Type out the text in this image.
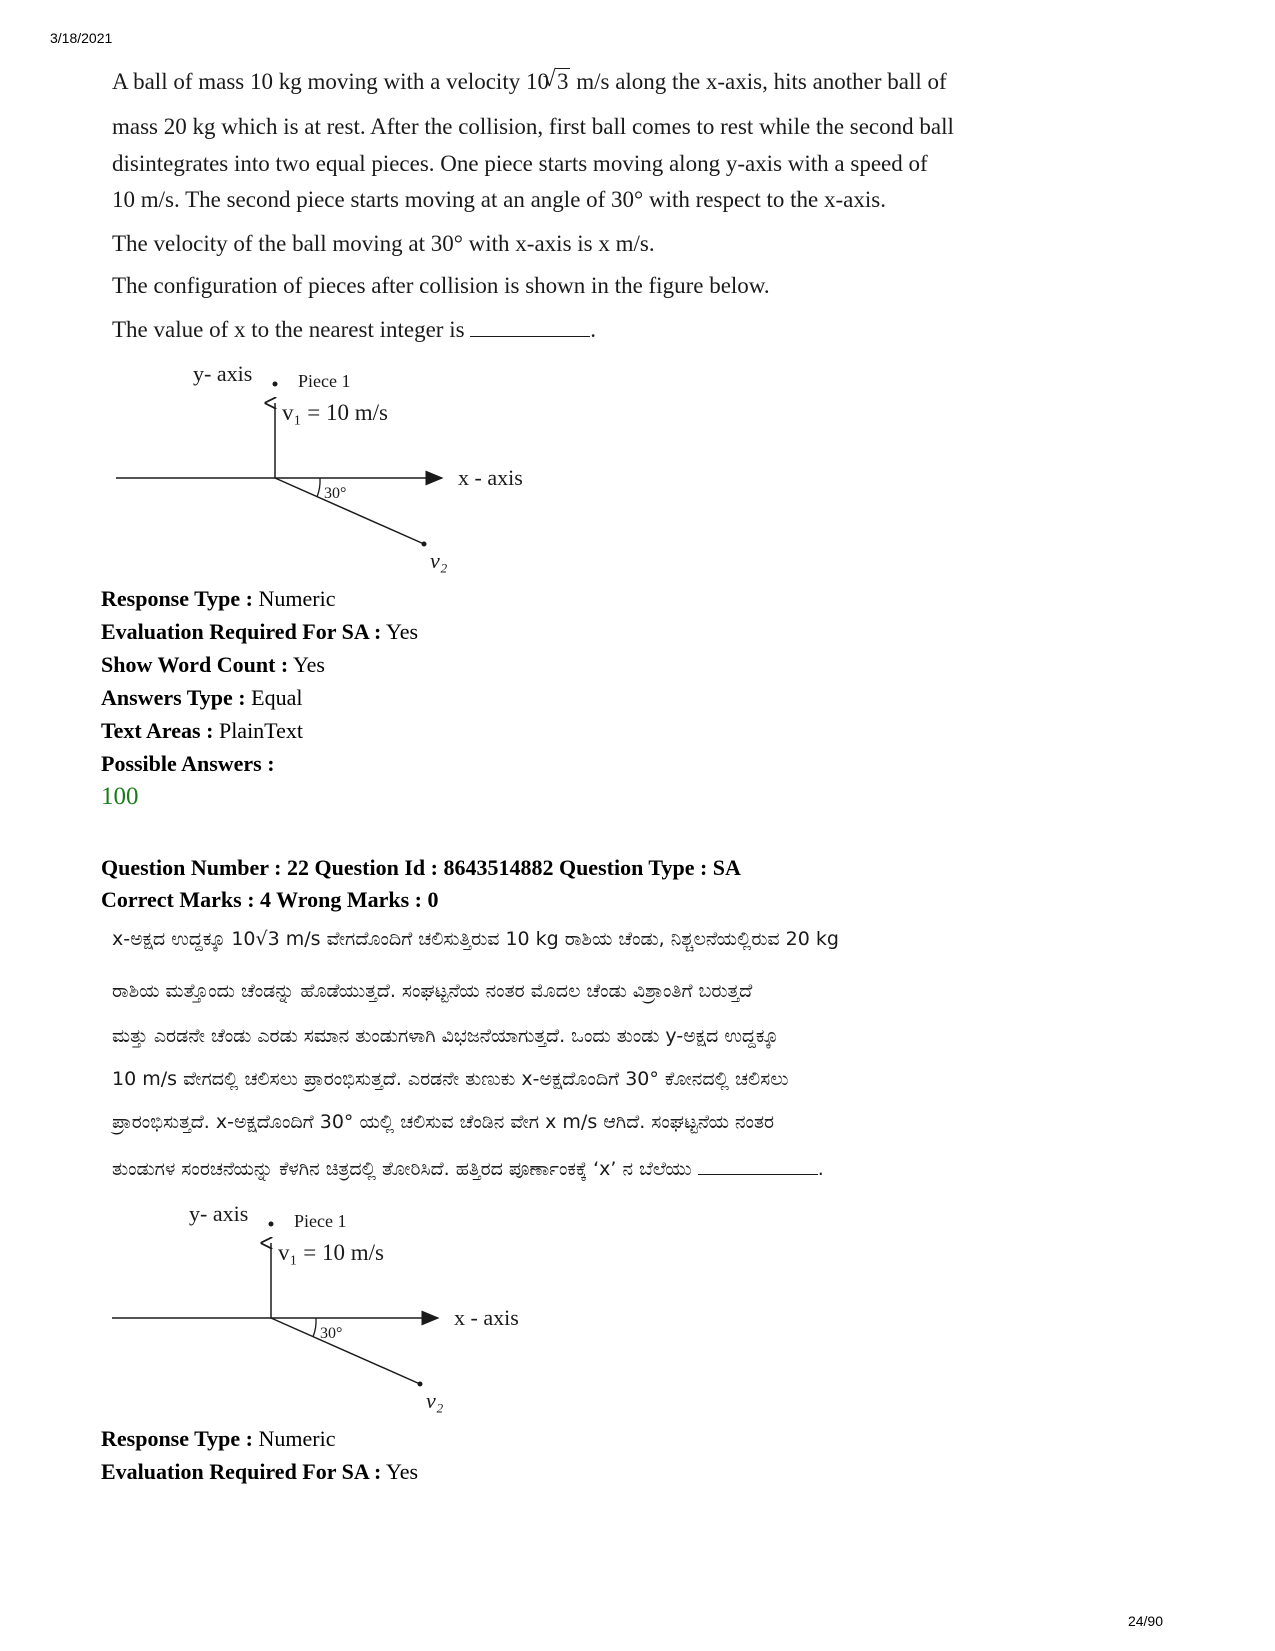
3/18/2021

A ball of mass 10 kg moving with a velocity 10√ 3 m/s along the x-axis, hits another ball of

mass 20 kg which is at rest. After the collision, first ball comes to rest while the second ball

disintegrates into two equal pieces. One piece starts moving along y-axis with a speed of

10 m/s. The second piece starts moving at an angle of 30° with respect to the x-axis.

The velocity of the ball moving at 30° with x-axis is x m/s.

The configuration of pieces after collision is shown in the figure below.

The value of x to the nearest integer is	.

y- axis	Piece 1
v₁ = 10 m/s
x - axis
30°
v₂
Response Type : Numeric
Evaluation Required For SA : Yes
Show Word Count : Yes
Answers Type : Equal
Text Areas : PlainText
Possible Answers :
100
Question Number : 22 Question Id : 8643514882 Question Type : SA
Correct Marks : 4 Wrong Marks : 0

x-ಅಕ್ಷದ ಉದ್ದಕ್ಕೂ 10√3 m/s ವೇಗದೊಂದಿಗೆ ಚಲಿಸುತ್ತಿರುವ 10 kg ರಾಶಿಯ ಚೆಂಡು, ನಿಶ್ಚಲನೆಯಲ್ಲಿರುವ 20 kg

ರಾಶಿಯ ಮತ್ತೊಂದು ಚೆಂಡನ್ನು ಹೊಡೆಯುತ್ತದೆ. ಸಂಘಟ್ಟನೆಯ ನಂತರ ಮೊದಲ ಚೆಂಡು ವಿಶ್ರಾಂತಿಗೆ ಬರುತ್ತದೆ

ಮತ್ತು ಎರಡನೇ ಚೆಂಡು ಎರಡು ಸಮಾನ ತುಂಡುಗಳಾಗಿ ವಿಭಜನೆಯಾಗುತ್ತದೆ. ಒಂದು ತುಂಡು y-ಅಕ್ಷದ ಉದ್ದಕ್ಕೂ

10 m/s ವೇಗದಲ್ಲಿ ಚಲಿಸಲು ಪ್ರಾರಂಭಿಸುತ್ತದೆ. ಎರಡನೇ ತುಣುಕು x-ಅಕ್ಷದೊಂದಿಗೆ 30° ಕೋನದಲ್ಲಿ ಚಲಿಸಲು

ಪ್ರಾರಂಭಿಸುತ್ತದೆ. x-ಅಕ್ಷದೊಂದಿಗೆ 30° ಯಲ್ಲಿ ಚಲಿಸುವ ಚೆಂಡಿನ ವೇಗ x m/s ಆಗಿದೆ. ಸಂಘಟ್ಟನೆಯ ನಂತರ

ತುಂಡುಗಳ ಸಂರಚನೆಯನ್ನು ಕೆಳಗಿನ ಚಿತ್ರದಲ್ಲಿ ತೋರಿಸಿದೆ. ಹತ್ತಿರದ ಪೂರ್ಣಾಂಕಕ್ಕೆ ‘x’ ನ ಬೆಲೆಯು	.

y- axis	Piece 1
v₁ = 10 m/s
x - axis
30°
v₂
Response Type : Numeric
Evaluation Required For SA : Yes
24/90
